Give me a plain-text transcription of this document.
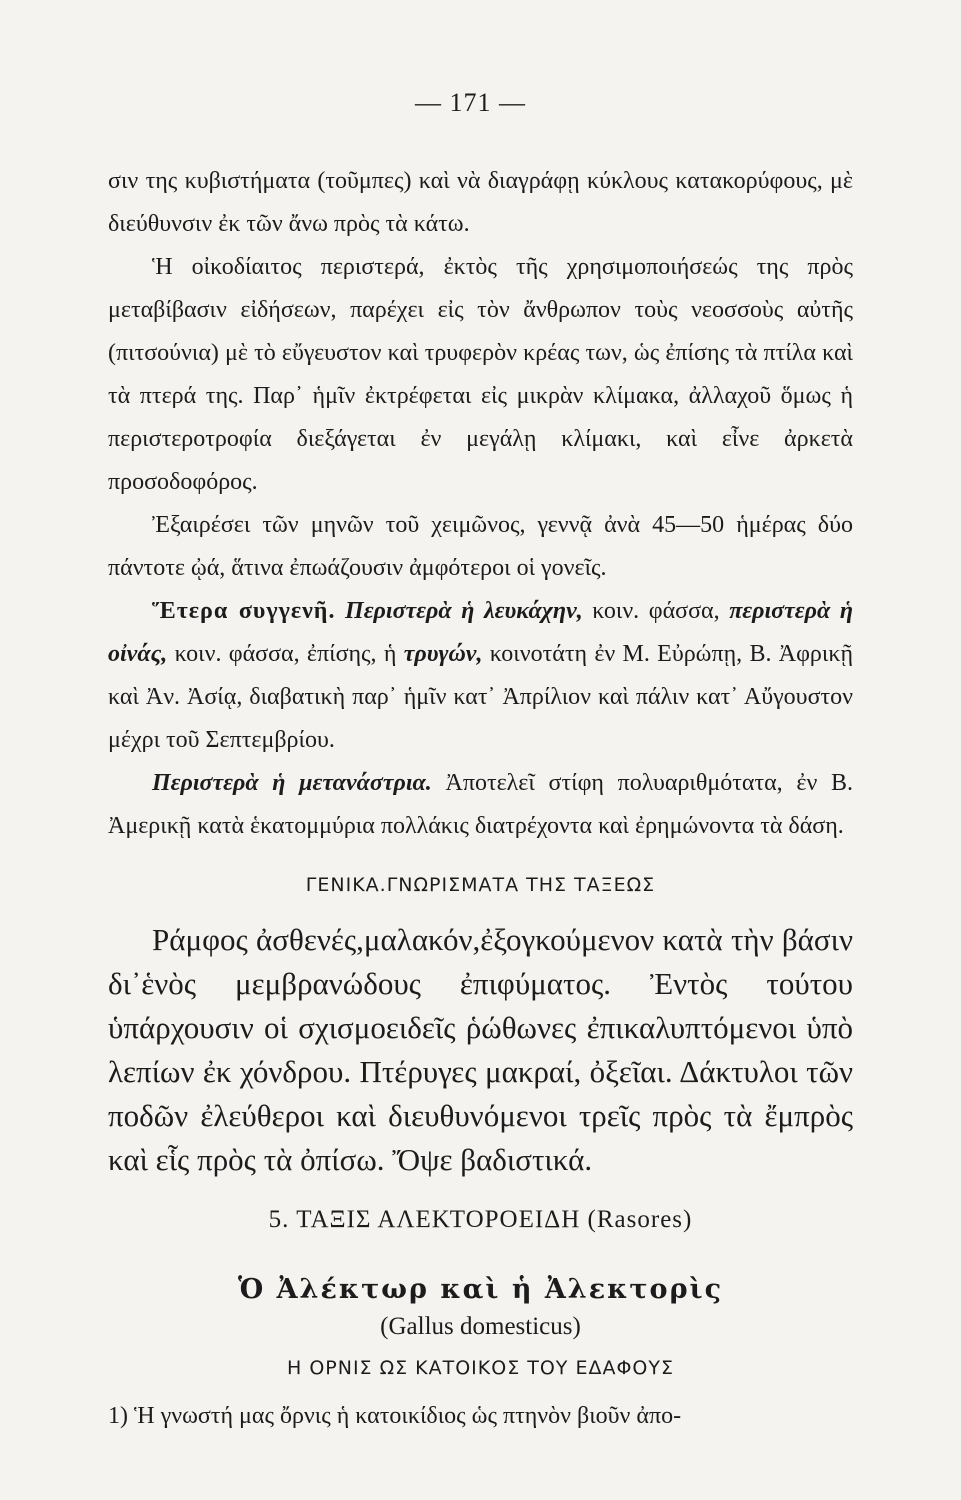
— 171 —

σιν της κυβιστήματα (τοῦμπες) καὶ νὰ διαγράφῃ κύκλους κατακορύφους, μὲ διεύθυνσιν ἐκ τῶν ἄνω πρὸς τὰ κάτω.

Ἡ οἰκοδίαιτος περιστερά, ἐκτὸς τῆς χρησιμοποιήσεώς της πρὸς μεταβίβασιν εἰδήσεων, παρέχει εἰς τὸν ἄνθρωπον τοὺς νεοσσοὺς αὐτῆς (πιτσούνια) μὲ τὸ εὔγευστον καὶ τρυφερὸν κρέας των, ὡς ἐπίσης τὰ πτίλα καὶ τὰ πτερά της. Παρ᾿ ἡμῖν ἐκτρέφεται εἰς μικρὰν κλίμακα, ἀλλαχοῦ ὅμως ἡ περιστεροτροφία διεξάγεται ἐν μεγάλῃ κλίμακι, καὶ εἶνε ἀρκετὰ προσοδοφόρος.

Ἐξαιρέσει τῶν μηνῶν τοῦ χειμῶνος, γεννᾷ ἀνὰ 45—50 ἡμέρας δύο πάντοτε ᾠά, ἅτινα ἐπωάζουσιν ἀμφότεροι οἱ γονεῖς.

Ἕτερα συγγενῆ. Περιστερὰ ἡ λευκάχην, κοιν. φάσσα, περιστερὰ ἡ οἰνάς, κοιν. φάσσα, ἐπίσης, ἡ τρυγών, κοινοτάτη ἐν Μ. Εὐρώπῃ, Β. Ἀφρικῇ καὶ Ἀν. Ἀσίᾳ, διαβατικὴ παρ᾿ ἡμῖν κατ᾿ Ἀπρίλιον καὶ πάλιν κατ᾿ Αὔγουστον μέχρι τοῦ Σεπτεμβρίου.

Περιστερὰ ἡ μετανάστρια. Ἀποτελεῖ στίφη πολυαριθμότατα, ἐν Β. Ἀμερικῇ κατὰ ἑκατομμύρια πολλάκις διατρέχοντα καὶ ἐρημώνοντα τὰ δάση.

ΓΕΝΙΚΑ.ΓΝΩΡΙΣΜΑΤΑ ΤΗΣ ΤΑΞΕΩΣ

Ράμφος ἀσθενές,μαλακόν,ἐξογκούμενον κατὰ τὴν βάσιν δι᾿ἑνὸς μεμβρανώδους ἐπιφύματος. Ἐντὸς τούτου ὑπάρχουσιν οἱ σχισμοειδεῖς ῥώθωνες ἐπικαλυπτόμενοι ὑπὸ λεπίων ἐκ χόνδρου. Πτέρυγες μακραί, ὀξεῖαι. Δάκτυλοι τῶν ποδῶν ἐλεύθεροι καὶ διευθυνόμενοι τρεῖς πρὸς τὰ ἔμπρὸς καὶ εἷς πρὸς τὰ ὀπίσω. Ὄψε βαδιστικά.

5. ΤΑΞΙΣ ΑΛΕΚΤΟΡΟΕΙΔΗ (Rasores)
Ὁ Ἀλέκτωρ καὶ ἡ Ἀλεκτορὶς
(Gallus domesticus)
Η ΟΡΝΙΣ ΩΣ ΚΑΤΟΙΚΟΣ ΤΟΥ ΕΔΑΦΟΥΣ

1) Ἡ γνωστή μας ὄρνις ἡ κατοικίδιος ὡς πτηνὸν βιοῦν ἀπο-
